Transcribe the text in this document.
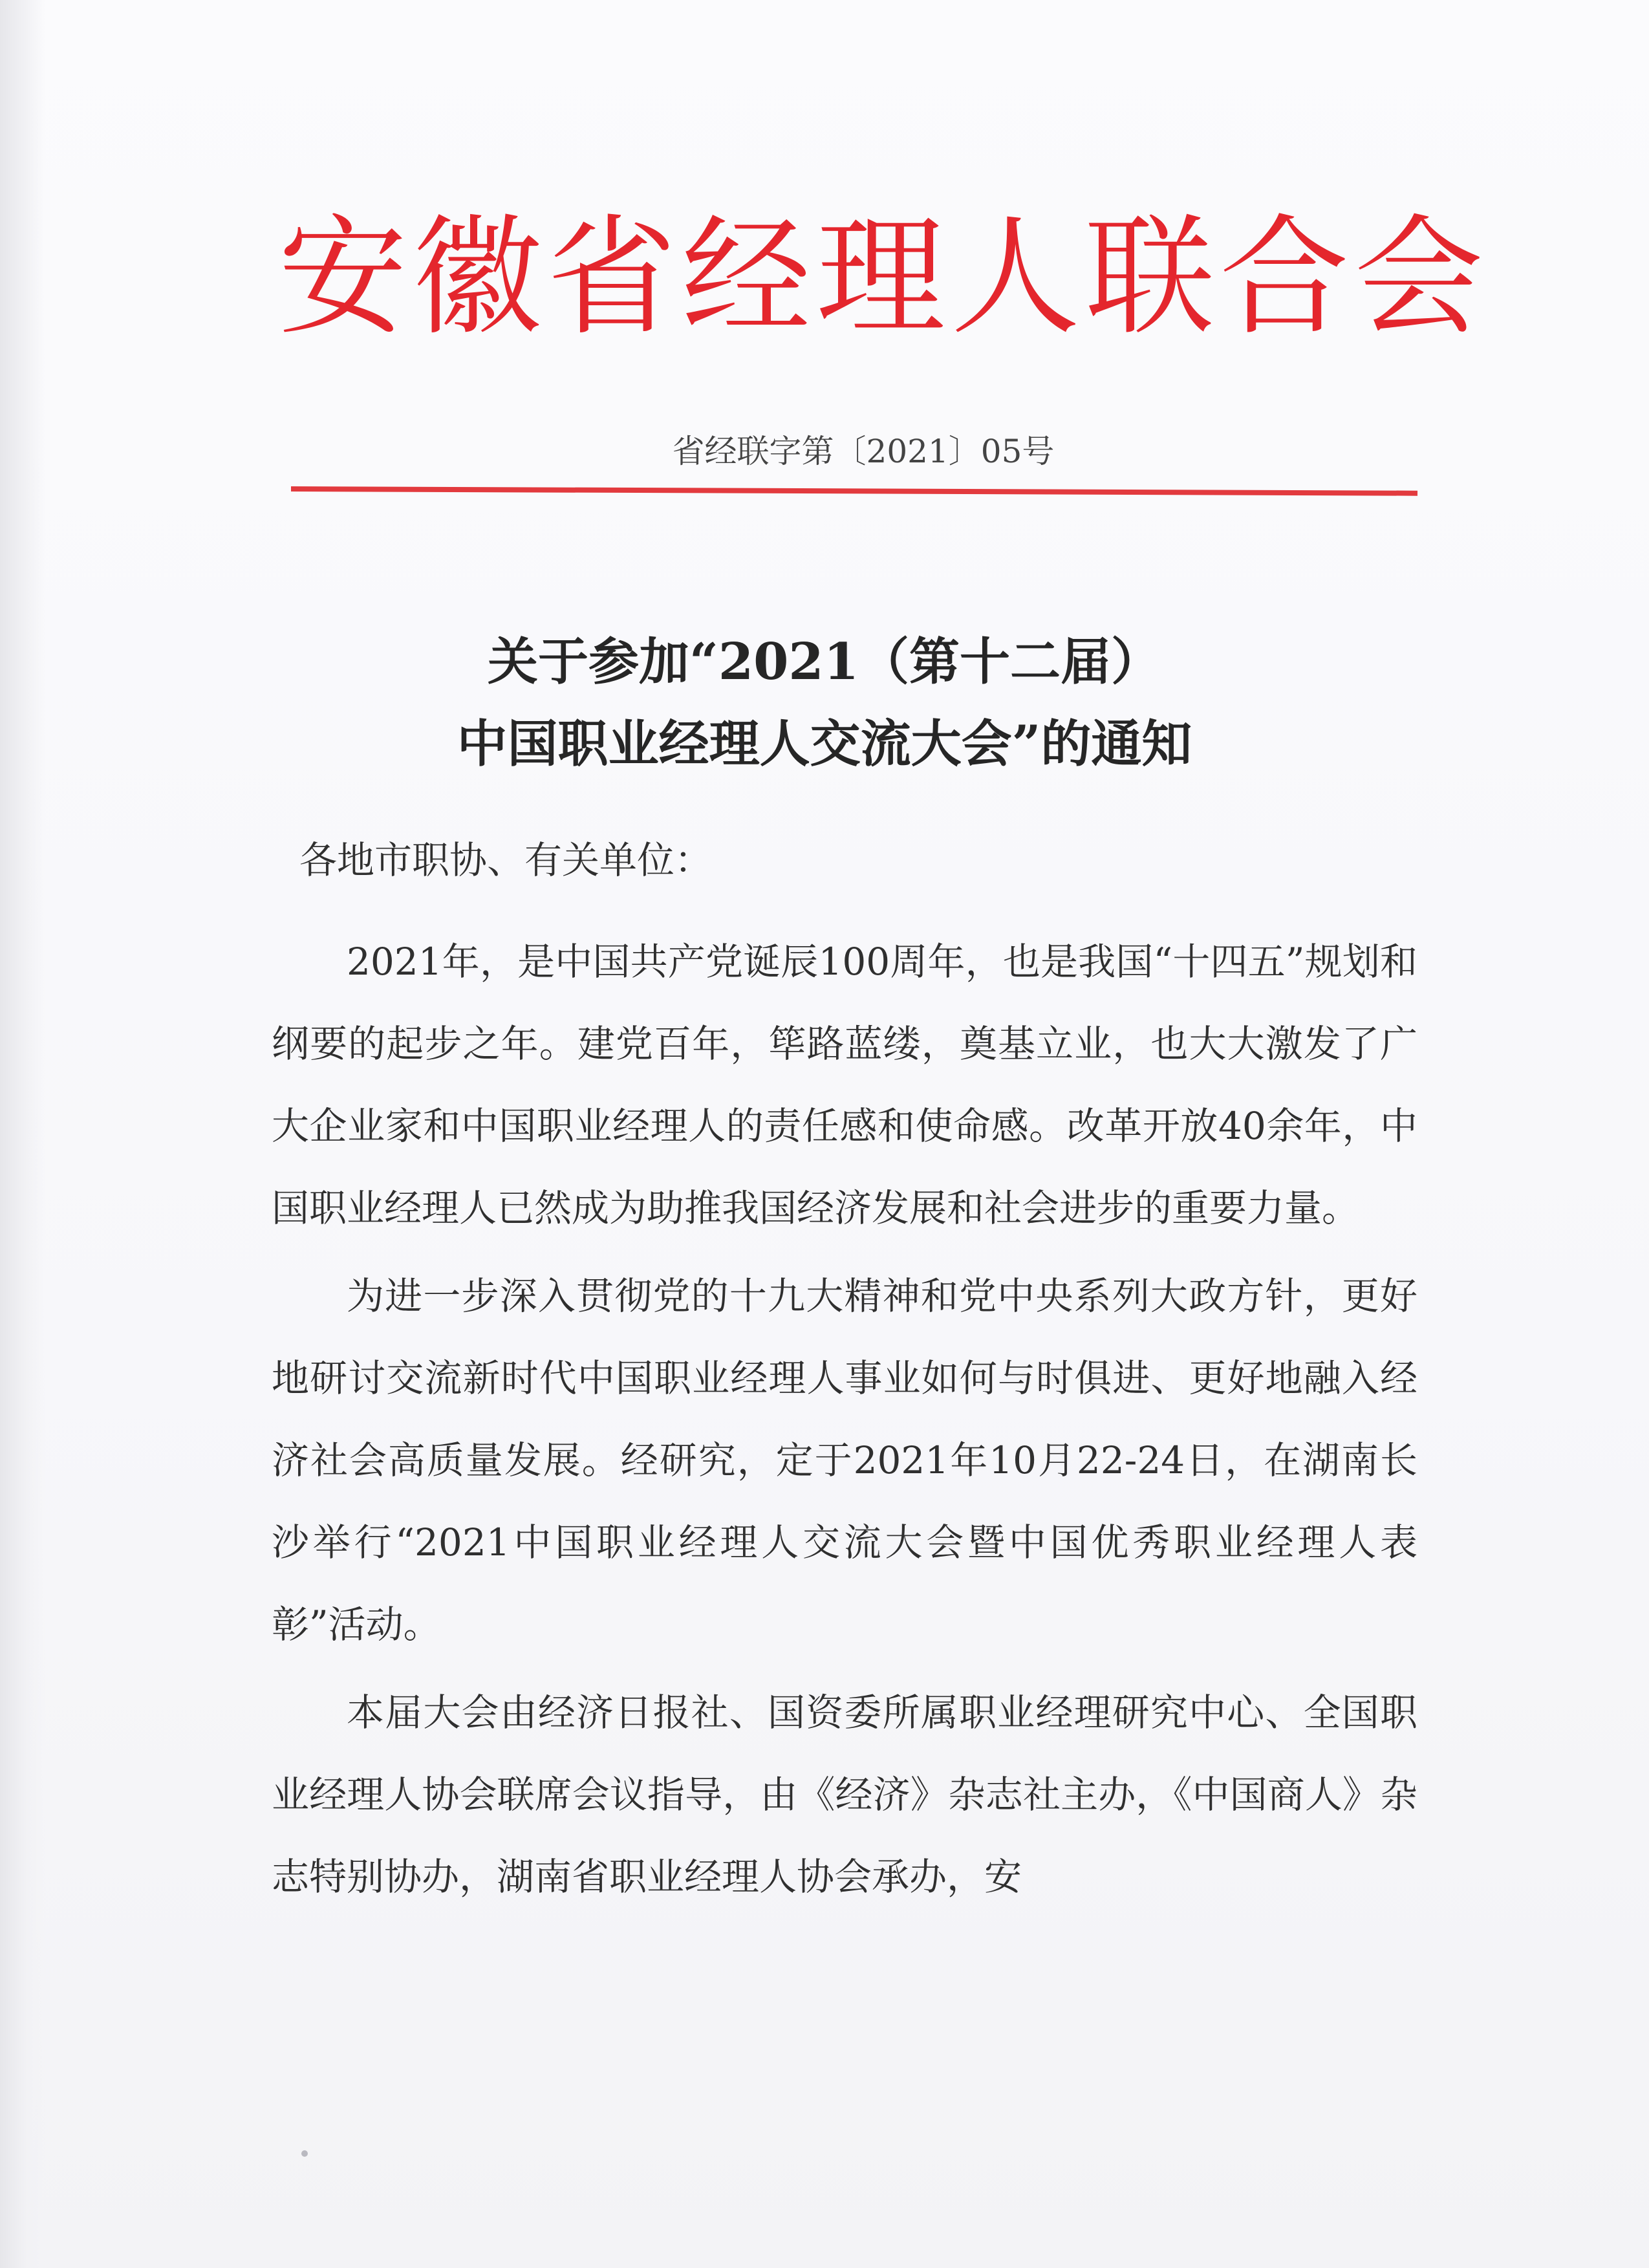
安徽省经理人联合会
省经联字第〔2021〕05号
关于参加“2021（第十二届）
中国职业经理人交流大会”的通知
各地市职协、有关单位：

2021年，是中国共产党诞辰100周年，也是我国“十四五”规划和纲要的起步之年。建党百年，筚路蓝缕，奠基立业，也大大激发了广大企业家和中国职业经理人的责任感和使命感。改革开放40余年，中国职业经理人已然成为助推我国经济发展和社会进步的重要力量。

为进一步深入贯彻党的十九大精神和党中央系列大政方针，更好地研讨交流新时代中国职业经理人事业如何与时俱进、更好地融入经济社会高质量发展。经研究，定于2021年10月22-24日，在湖南长沙举行“2021中国职业经理人交流大会暨中国优秀职业经理人表彰”活动。

本届大会由经济日报社、国资委所属职业经理研究中心、全国职业经理人协会联席会议指导，由《经济》杂志社主办，《中国商人》杂志特别协办，湖南省职业经理人协会承办，安
